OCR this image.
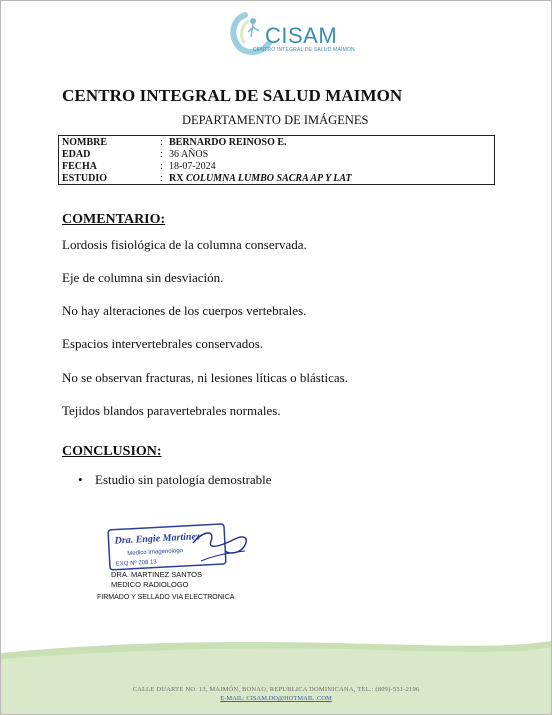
CISAM
CENTRO INTEGRAL DE SALUD MAIMON
CENTRO INTEGRAL DE SALUD MAIMON
DEPARTAMENTO DE IMÁGENES
NOMBRE	: BERNARDO REINOSO E.
EDAD	: 36 AÑOS
FECHA	: 18-07-2024
ESTUDIO	: RX COLUMNA LUMBO SACRA AP Y LAT
COMENTARIO:
Lordosis fisiológica de la columna conservada.
Eje de columna sin desviación.
No hay alteraciones de los cuerpos vertebrales.
Espacios intervertebrales conservados.
No se observan fracturas, ni lesiones líticas o blásticas.
Tejidos blandos paravertebrales normales.
CONCLUSION:
• Estudio sin patología demostrable
Dra. Engie Martinez
Medico Imagenologo
EXQ Nº 208 13
DRA. MARTINEZ SANTOS
MEDICO RADIOLOGO
FIRMADO Y SELLADO VIA ELECTRONICA
CALLE DUARTE NO. 13, MAIMÓN, BONAO, REPUBLICA DOMINICANA, TEL.: (809)-551-2196
E-MAIL: CISAM.DO@HOTMAIL .COM
